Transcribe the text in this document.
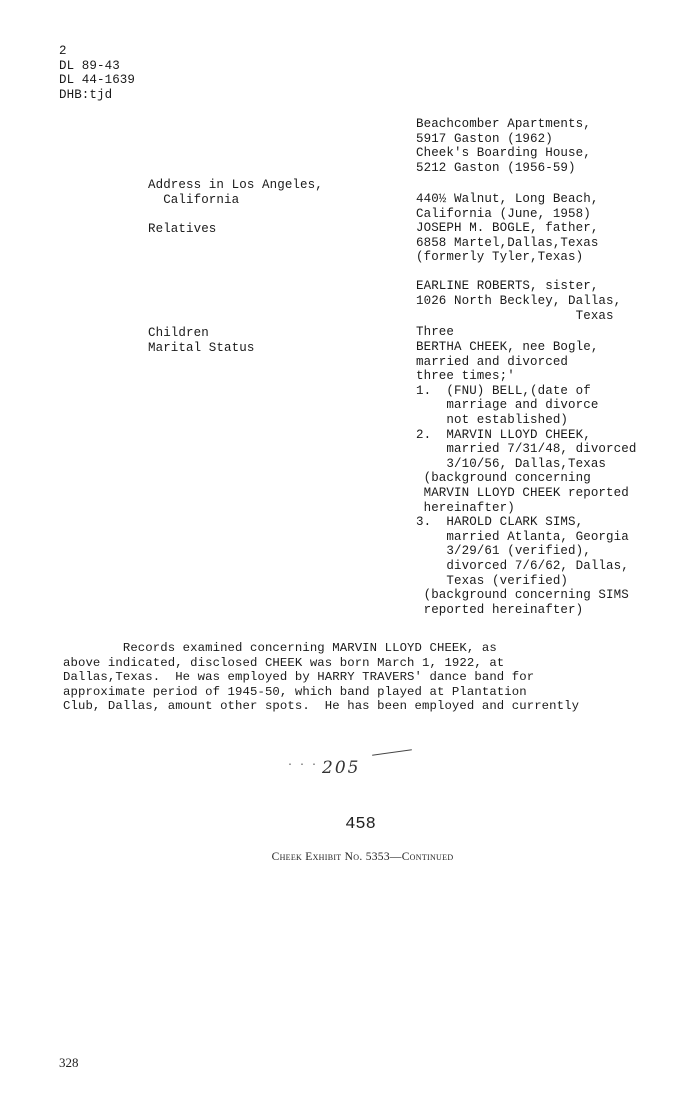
2
DL 89-43
DL 44-1639
DHB:tjd
Beachcomber Apartments,
5917 Gaston (1962)
Cheek's Boarding House,
5212 Gaston (1956-59)
Address in Los Angeles,
California	440½ Walnut, Long Beach,
California (June, 1958)
Relatives	JOSEPH M. BOGLE, father,
6858 Martel,Dallas,Texas
(formerly Tyler,Texas)

EARLINE ROBERTS, sister,
1026 North Beckley, Dallas,
Texas
Children
Marital Status
Three
BERTHA CHEEK, nee Bogle,
married and divorced
three times;'
1.  (FNU) BELL,(date of
marriage and divorce
not established)
2.  MARVIN LLOYD CHEEK,
married 7/31/48, divorced
3/10/56, Dallas,Texas
(background concerning
MARVIN LLOYD CHEEK reported
hereinafter)
3.  HAROLD CLARK SIMS,
married Atlanta, Georgia
3/29/61 (verified),
divorced 7/6/62, Dallas,
Texas (verified)
(background concerning SIMS
reported hereinafter)
Records examined concerning MARVIN LLOYD CHEEK, as
above indicated, disclosed CHEEK was born March 1, 1922, at
Dallas,Texas.  He was employed by HARRY TRAVERS' dance band for
approximate period of 1945-50, which band played at Plantation
Club, Dallas, amount other spots.  He has been employed and currently
· · · 205
458
Cheek Exhibit No. 5353—Continued
328
